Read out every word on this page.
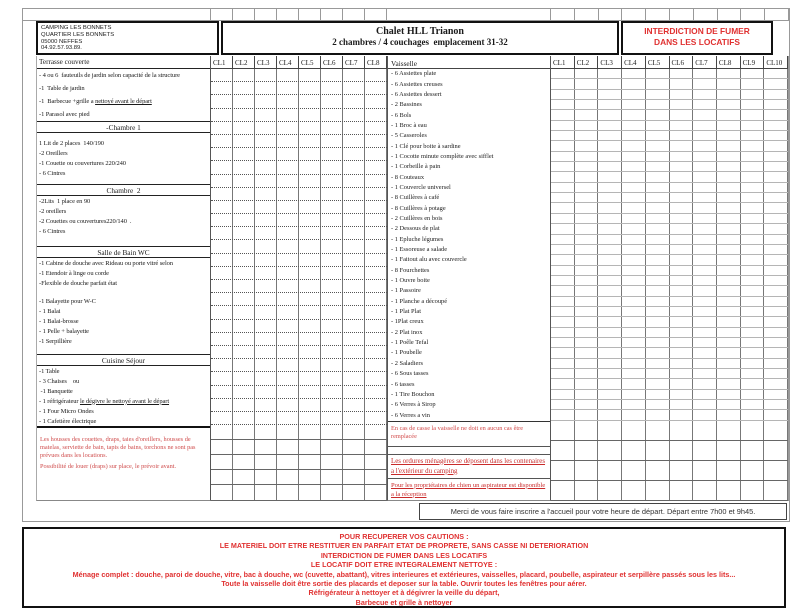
CAMPING LES BONNETS
QUARTIER LES BONNETS
05000 NEFFES
04.92.57.93.89.
Chalet HLL Trianon
2 chambres / 4 couchages  emplacement 31-32
INTERDICTION DE FUMER
DANS LES LOCATIFS
Terrasse couverte
- 4 ou 6  fauteuils de jardin selon capacité de la structure
-1  Table de jardin
-1  Barbecue +grille a nettoyé avant le départ
-1 Parasol avec pied
-Chambre 1
1 Lit de 2 places  140/190
-2 Oreillers
-1 Couette ou couvertures 220/240
- 6 Cintres
Chambre  2
-2Lits  1 place en 90
-2 oreillers
-2 Couettes ou couvertures220/140  .
- 6 Cintres
Salle de Bain WC
-1 Cabine de douche avec Rideau ou porte vitré selon
-1 Etendoir à linge ou corde
-Flexible de douche parfait état
-1 Balayette pour W-C
- 1 Balai
- 1 Balai-brosse
- 1 Pelle + balayette
-1 Serpillière
Cuisine Séjour
-1 Table
- 3 Chaises    ou
-1 Banquette
- 1 réfrigérateur le dégivre le nettoyé avant le départ
- 1 Four Micro Ondes
- 1 Cafetière électrique

Les housses des couettes, draps, taies d'oreillers, housses de matelas, serviette de bain, tapis de bains, torchons ne sont pas prévues dans les locations.

Possibilité de louer (draps) sur place, le prévoir avant.

CL1	CL2	CL3	CL4	CL5	CL6	CL7	CL8	Vaisselle
- 6 Assiettes plate
- 6 Assiettes creuses
- 6 Assiettes dessert
- 2 Bassines
- 6 Bols
- 1 Broc à eau
- 5 Casseroles
- 1 Clé pour boite à sardine
- 1 Cocotte minute complète avec sifflet
- 1 Corbeille à pain
- 8 Couteaux
- 1 Couvercle universel
- 8 Cuillères à café
- 8 Cuillères à potage
- 2 Cuillères en bois
- 2 Dessous de plat
- 1 Epluche légumes
- 1 Essoreuse a salade
- 1 Faitout alu avec couvercle
- 8 Fourchettes
- 1 Ouvre boite
- 1 Passoire
- 1 Planche a découpé
- 1 Plat Plat
- 1Plat creux
- 2 Plat inox
- 1 Poêle Tefal
- 1 Poubelle
- 2 Saladiers
- 6 Sous tasses
- 6 tasses
- 1 Tire Bouchon
- 6 Verres à Sirop
- 6 Verres a vin
En cas de casse la vaisselle ne doit en aucun cas être remplacée
Les ordures ménagères se déposent dans les contenaires a l'extérieur du camping
Pour les propriétaires de chien un aspirateur est disponible a la réception
CL1	CL2	CL3	CL4	CL5	CL6	CL7	CL8	CL9	CL10
Merci de vous faire inscrire a l'accueil pour votre heure de départ. Départ entre 7h00 et 9h45.
POUR RECUPERER VOS CAUTIONS :
LE MATERIEL DOIT ETRE RESTITUER EN PARFAIT ETAT DE PROPRETE, SANS CASSE NI DETERIORATION
INTERDICTION DE FUMER DANS LES LOCATIFS
LE LOCATIF DOIT ETRE INTEGRALEMENT NETTOYE :
Ménage complet : douche, paroi de douche, vitre, bac à douche, wc (cuvette, abattant), vitres interieures et extérieures, vaisselles, placard, poubelle, aspirateur et serpillère passés sous les lits...
Toute la vaisselle doit être sortie des placards et deposer sur la table. Ouvrir toutes les fenêtres pour aérer.
Réfrigérateur à nettoyer et à dégivrer la veille du départ,
Barbecue et grille à nettoyer
